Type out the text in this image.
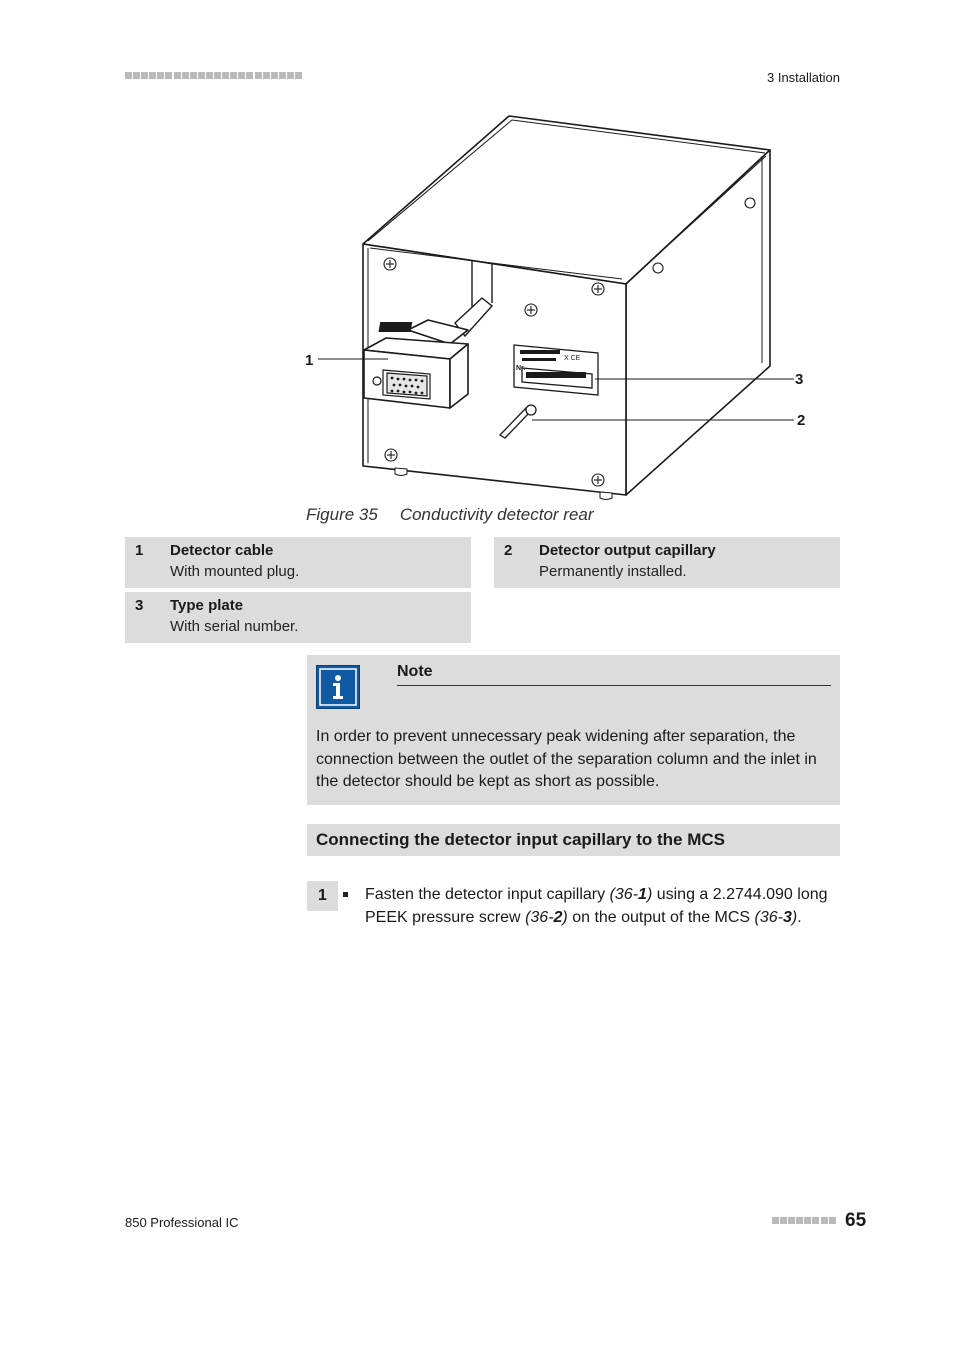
3 Installation
X CE
Nr.
1
2
3
Figure 35 Conductivity detector rear
1 Detector cable
With mounted plug.
2 Detector output capillary
Permanently installed.
3 Type plate
With serial number.
Note
In order to prevent unnecessary peak widening after separation, the connection between the outlet of the separation column and the inlet in the detector should be kept as short as possible.
Connecting the detector input capillary to the MCS
1	Fasten the detector input capillary (36-1) using a 2.2744.090 long PEEK pressure screw (36-2) on the output of the MCS (36-3).
850 Professional IC	65
